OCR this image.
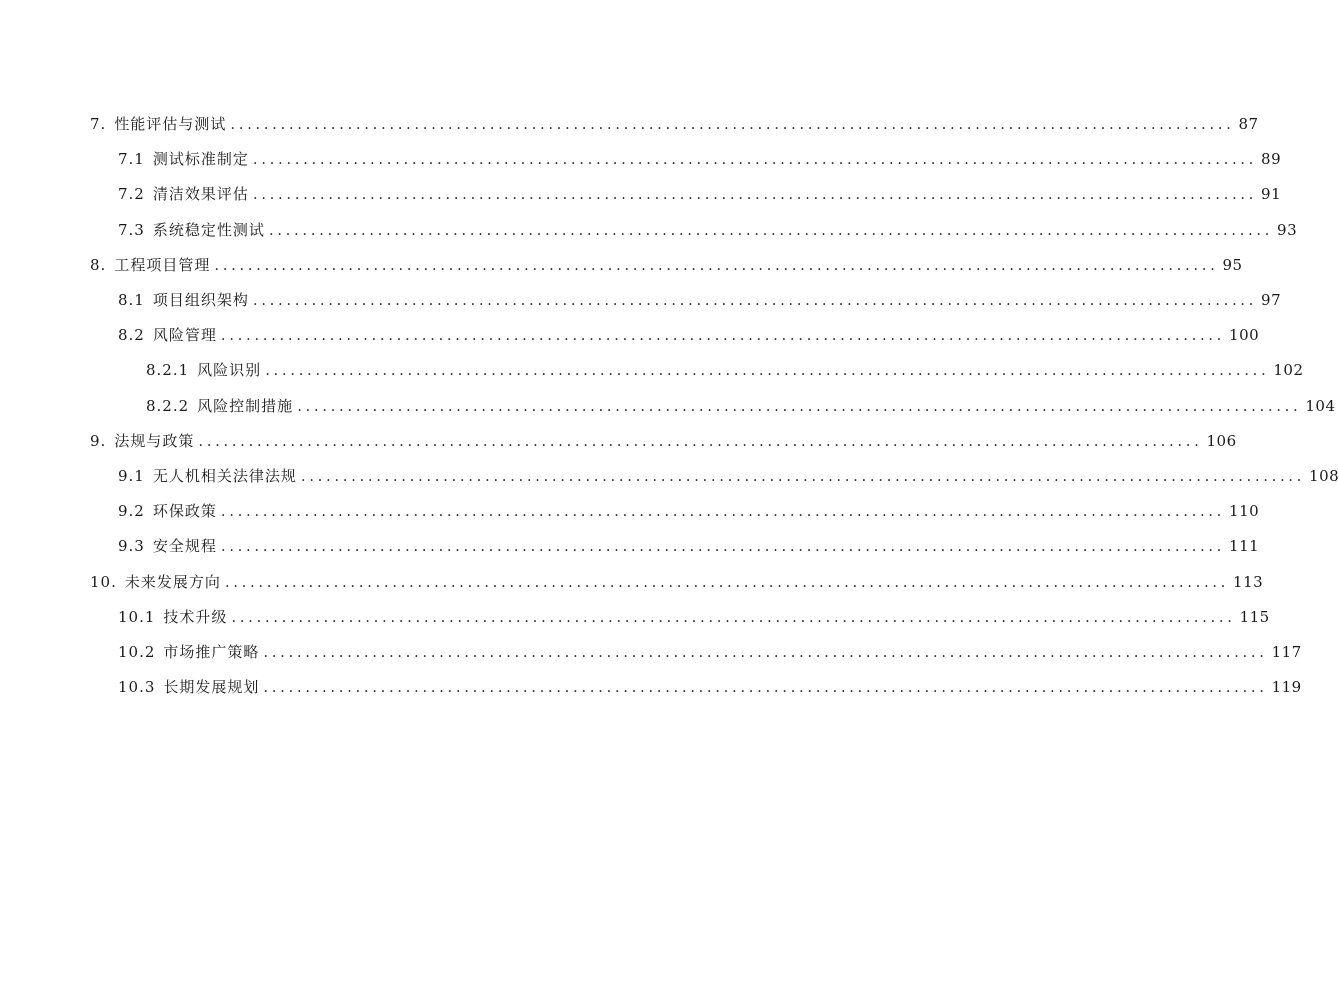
7. 性能评估与测试 ........................................................................................................................ 87
7.1 测试标准制定 ........................................................................................................................ 89
7.2 清洁效果评估 ........................................................................................................................ 91
7.3 系统稳定性测试 ........................................................................................................................ 93
8. 工程项目管理 ........................................................................................................................ 95
8.1 项目组织架构 ........................................................................................................................ 97
8.2 风险管理 ........................................................................................................................ 100
8.2.1 风险识别 ........................................................................................................................ 102
8.2.2 风险控制措施 ........................................................................................................................ 104
9. 法规与政策 ........................................................................................................................ 106
9.1 无人机相关法律法规 ........................................................................................................................ 108
9.2 环保政策 ........................................................................................................................ 110
9.3 安全规程 ........................................................................................................................ 111
10. 未来发展方向 ........................................................................................................................ 113
10.1 技术升级 ........................................................................................................................ 115
10.2 市场推广策略 ........................................................................................................................ 117
10.3 长期发展规划 ........................................................................................................................ 119
